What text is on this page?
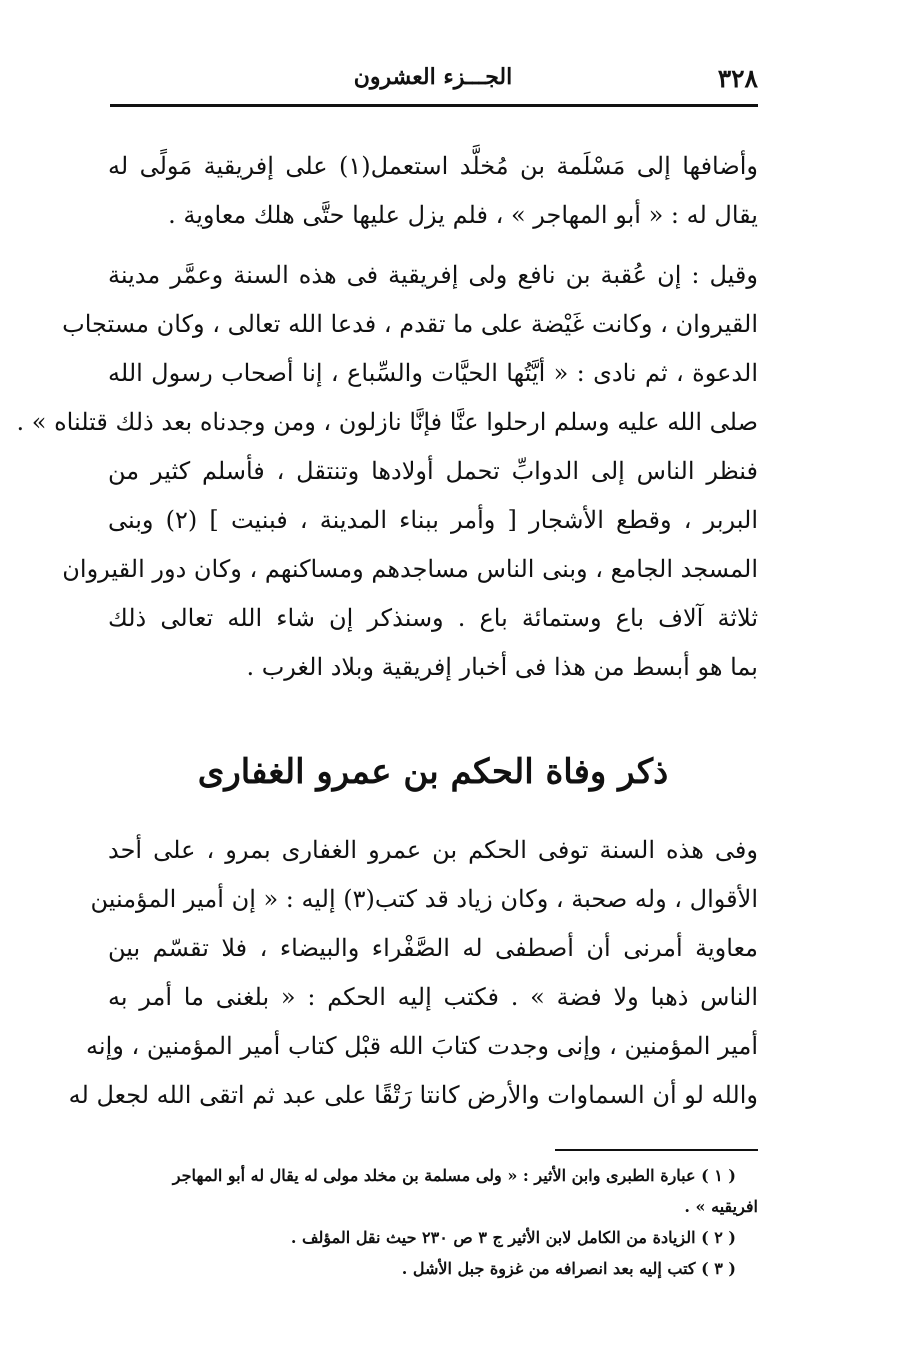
٣٢٨
الجـــزء العشرون
وأضافها إلى مَسْلَمة بن مُخلَّد استعمل(١) على إفريقية مَولًى له
يقال له : « أبو المهاجر » ، فلم يزل عليها حتَّى هلك معاوية .
وقيل : إن عُقبة بن نافع ولى إفريقية فى هذه السنة وعمَّر مدينة
القيروان ، وكانت غَيْضة على ما تقدم ، فدعا الله تعالى ، وكان مستجاب
الدعوة ، ثم نادى : « أيَّتُها الحيَّات والسِّباع ، إنا أصحاب رسول الله
صلى الله عليه وسلم ارحلوا عنَّا فإنَّا نازلون ، ومن وجدناه بعد ذلك قتلناه » .
فنظر الناس إلى الدوابِّ تحمل أولادها وتنتقل ، فأسلم كثير من
البربر ، وقطع الأشجار [ وأمر ببناء المدينة ، فبنيت ] (٢) وبنى
المسجد الجامع ، وبنى الناس مساجدهم ومساكنهم ، وكان دور القيروان
ثلاثة آلاف باع وستمائة باع . وسنذكر إن شاء الله تعالى ذلك
بما هو أبسط من هذا فى أخبار إفريقية وبلاد الغرب .
ذكر وفاة الحكم بن عمرو الغفارى
وفى هذه السنة توفى الحكم بن عمرو الغفارى بمرو ، على أحد
الأقوال ، وله صحبة ، وكان زياد قد كتب(٣) إليه : « إن أمير المؤمنين
معاوية أمرنى أن أصطفى له الصَّفْراء والبيضاء ، فلا تقسّم بين
الناس ذهبا ولا فضة » . فكتب إليه الحكم : « بلغنى ما أمر به
أمير المؤمنين ، وإنى وجدت كتابَ الله قبْل كتاب أمير المؤمنين ، وإنه
والله لو أن السماوات والأرض كانتا رَتْقًا على عبد ثم اتقى الله لجعل له
( ١ ) عبارة الطبرى وابن الأثير : « ولى مسلمة بن مخلد مولى له يقال له أبو المهاجر
افريقيه » .
( ٢ ) الزيادة من الكامل لابن الأثير ج ٣ ص ٢٣٠ حيث نقل المؤلف .
( ٣ ) كتب إليه بعد انصرافه من غزوة جبل الأشل .
